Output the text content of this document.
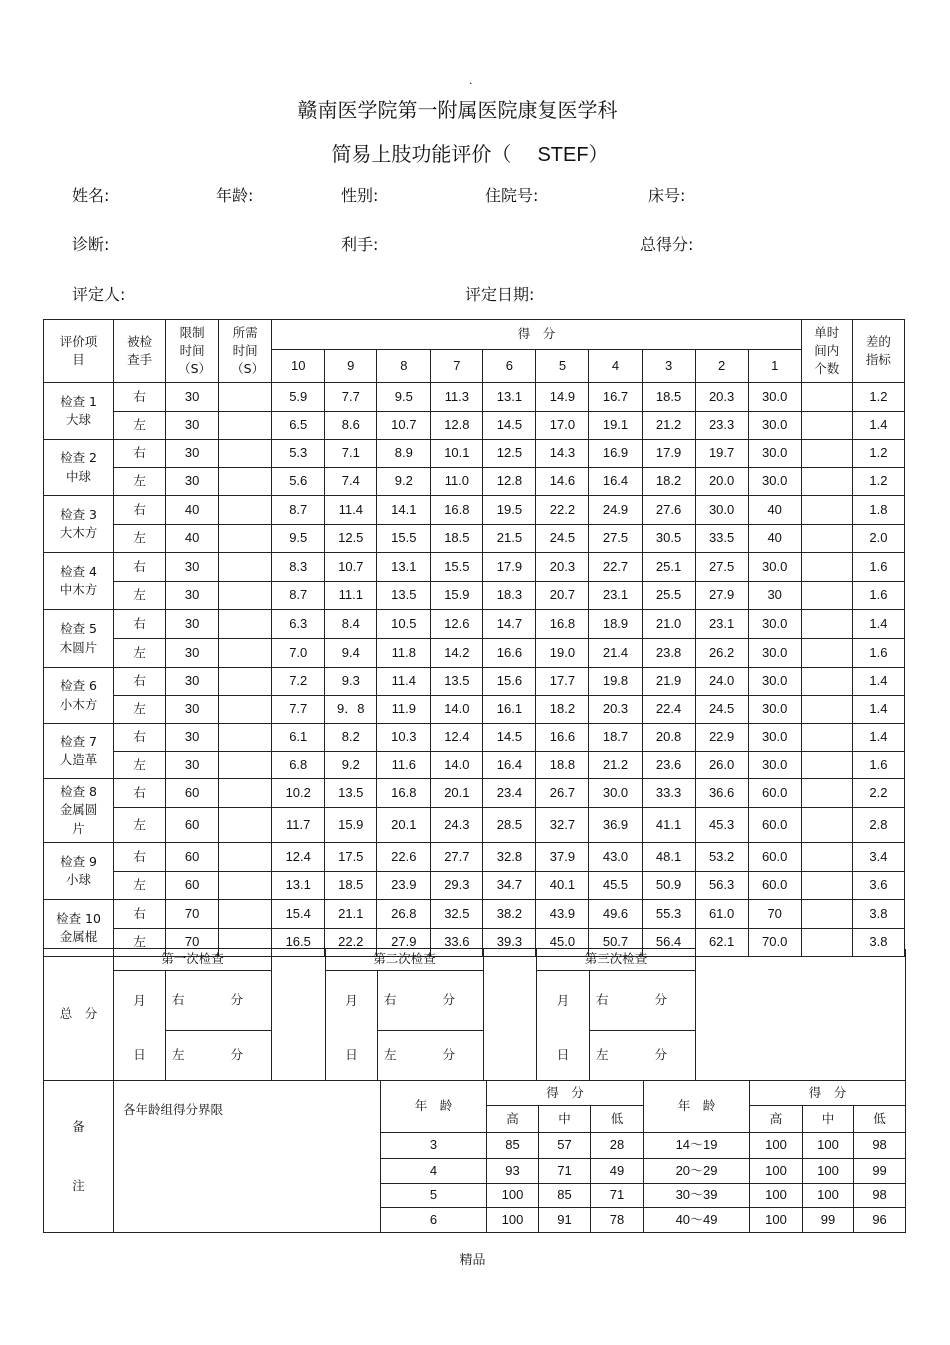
.
赣南医学院第一附属医院康复医学科
简易上肢功能评价（ STEF）
姓名:	年龄:	性别:	住院号:	床号:
诊断:	利手:	总得分:
评定人:	评定日期:
评价项目	被检查手	限制时间（S）	所需时间（S）	得　分										单时间内个数	差的指标

				10	9	8	7	6	5	4	3	2	1		
检查 1
大球	右	30		5.9	7.7	9.5	11.3	13.1	14.9	16.7	18.5	20.3	30.0		1.2
	左	30		6.5	8.6	10.7	12.8	14.5	17.0	19.1	21.2	23.3	30.0		1.4
检查 2
中球	右	30		5.3	7.1	8.9	10.1	12.5	14.3	16.9	17.9	19.7	30.0		1.2
	左	30		5.6	7.4	9.2	11.0	12.8	14.6	16.4	18.2	20.0	30.0		1.2
检查 3
大木方	右	40		8.7	11.4	14.1	16.8	19.5	22.2	24.9	27.6	30.0	40		1.8
	左	40		9.5	12.5	15.5	18.5	21.5	24.5	27.5	30.5	33.5	40		2.0
检查 4
中木方	右	30		8.3	10.7	13.1	15.5	17.9	20.3	22.7	25.1	27.5	30.0		1.6
	左	30		8.7	11.1	13.5	15.9	18.3	20.7	23.1	25.5	27.9	30		1.6
检查 5
木圆片	右	30		6.3	8.4	10.5	12.6	14.7	16.8	18.9	21.0	23.1	30.0		1.4
	左	30		7.0	9.4	11.8	14.2	16.6	19.0	21.4	23.8	26.2	30.0		1.6
检查 6
小木方	右	30		7.2	9.3	11.4	13.5	15.6	17.7	19.8	21.9	24.0	30.0		1.4
	左	30		7.7	9．8	11.9	14.0	16.1	18.2	20.3	22.4	24.5	30.0		1.4
检查 7
人造革	右	30		6.1	8.2	10.3	12.4	14.5	16.6	18.7	20.8	22.9	30.0		1.4
	左	30		6.8	9.2	11.6	14.0	16.4	18.8	21.2	23.6	26.0	30.0		1.6
检查 8
金属圆
片	右	60		10.2	13.5	16.8	20.1	23.4	26.7	30.0	33.3	36.6	60.0		2.2
	左	60		11.7	15.9	20.1	24.3	28.5	32.7	36.9	41.1	45.3	60.0		2.8
检查 9
小球	右	60		12.4	17.5	22.6	27.7	32.8	37.9	43.0	48.1	53.2	60.0		3.4
	左	60		13.1	18.5	23.9	29.3	34.7	40.1	45.5	50.9	56.3	60.0		3.6
检查 10
金属棍	右	70		15.4	21.1	26.8	32.5	38.2	43.9	49.6	55.3	61.0	70		3.8
	左	70		16.5	22.2	27.9	33.6	39.3	45.0	50.7	56.4	62.1	70.0		3.8
总　分	第一次检查			第二次检查			第三次检查		
	月	右 分		月	右 分		月	右 分	

	日	左 分		日	左 分		日	左 分	
备
注	各年龄组得分界限	年　龄	得　分			年　龄	得　分		
			高	中	低		高	中	低
		3	85	57	28	14～19	100	100	98
		4	93	71	49	20～29	100	100	99
		5	100	85	71	30～39	100	100	98
		6	100	91	78	40～49	100	99	96
精品
